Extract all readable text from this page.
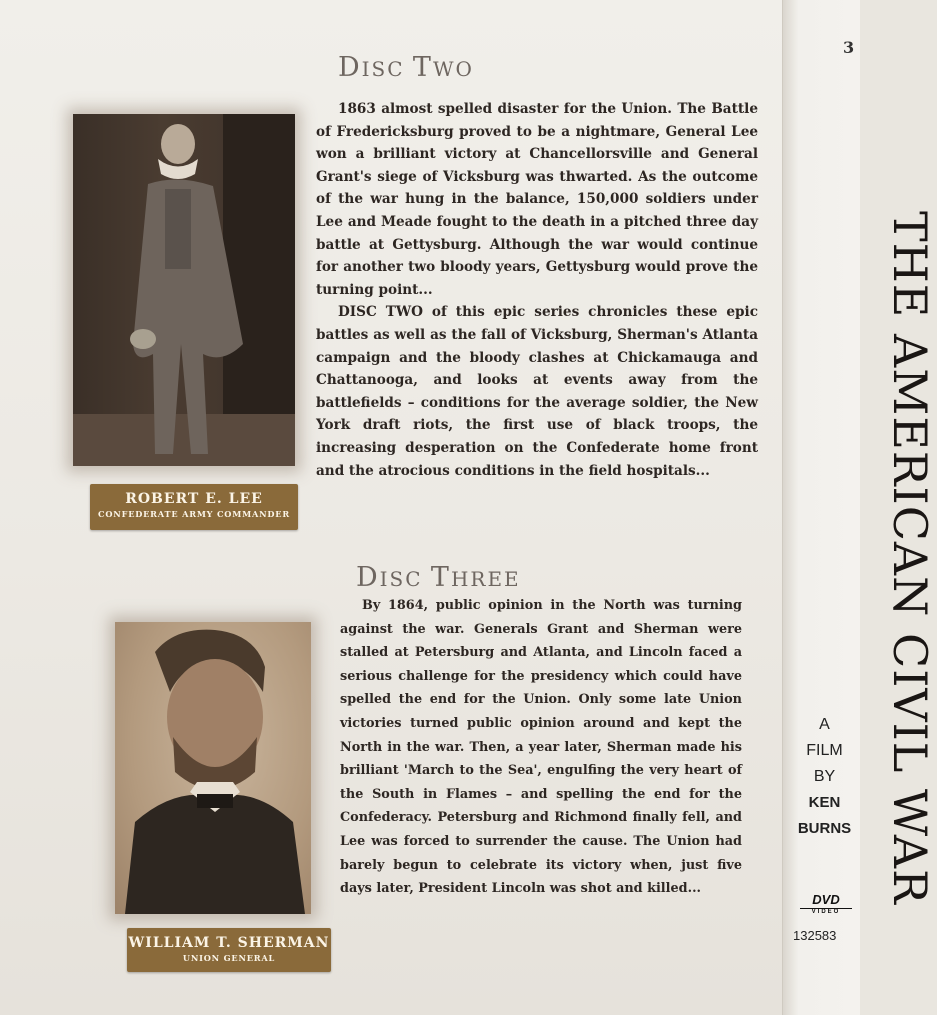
3
THE AMERICAN CIVIL WAR
A
FILM
BY
KEN
BURNS
DVD
VIDEO
132583
DISC TWO

1863 almost spelled disaster for the Union. The Battle of Fredericksburg proved to be a nightmare, General Lee won a brilliant victory at Chancellorsville and General Grant's siege of Vicksburg was thwarted. As the outcome of the war hung in the balance, 150,000 soldiers under Lee and Meade fought to the death in a pitched three day battle at Gettysburg. Although the war would continue for another two bloody years, Gettysburg would prove the turning point...

DISC TWO of this epic series chronicles these epic battles as well as the fall of Vicksburg, Sherman's Atlanta campaign and the bloody clashes at Chickamauga and Chattanooga, and looks at events away from the battlefields – conditions for the average soldier, the New York draft riots, the first use of black troops, the increasing desperation on the Confederate home front and the atrocious conditions in the field hospitals...

ROBERT E. LEE
CONFEDERATE ARMY COMMANDER
DISC THREE

By 1864, public opinion in the North was turning against the war. Generals Grant and Sherman were stalled at Petersburg and Atlanta, and Lincoln faced a serious challenge for the presidency which could have spelled the end for the Union. Only some late Union victories turned public opinion around and kept the North in the war. Then, a year later, Sherman made his brilliant 'March to the Sea', engulfing the very heart of the South in Flames – and spelling the end for the Confederacy. Petersburg and Richmond finally fell, and Lee was forced to surrender the cause. The Union had barely begun to celebrate its victory when, just five days later, President Lincoln was shot and killed...

WILLIAM T. SHERMAN
UNION GENERAL
